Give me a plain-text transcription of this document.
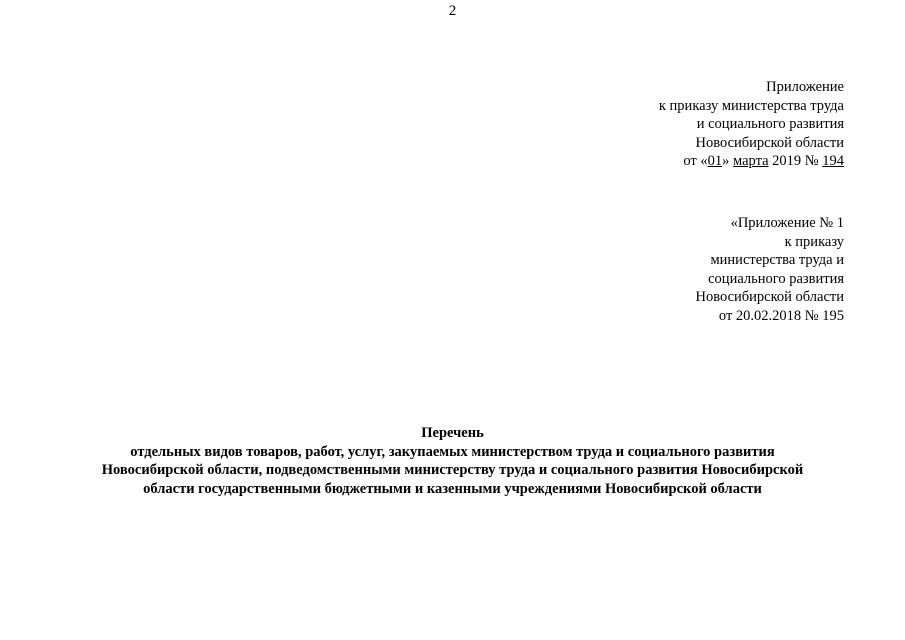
2
Приложение
к приказу министерства труда
и социального развития
Новосибирской области
от «01» марта 2019 № 194
«Приложение № 1
к приказу
министерства труда и
социального развития
Новосибирской области
от 20.02.2018 № 195
Перечень
отдельных видов товаров, работ, услуг, закупаемых министерством труда и социального развития
Новосибирской области, подведомственными министерству труда и социального развития Новосибирской
области государственными бюджетными и казенными учреждениями Новосибирской области
